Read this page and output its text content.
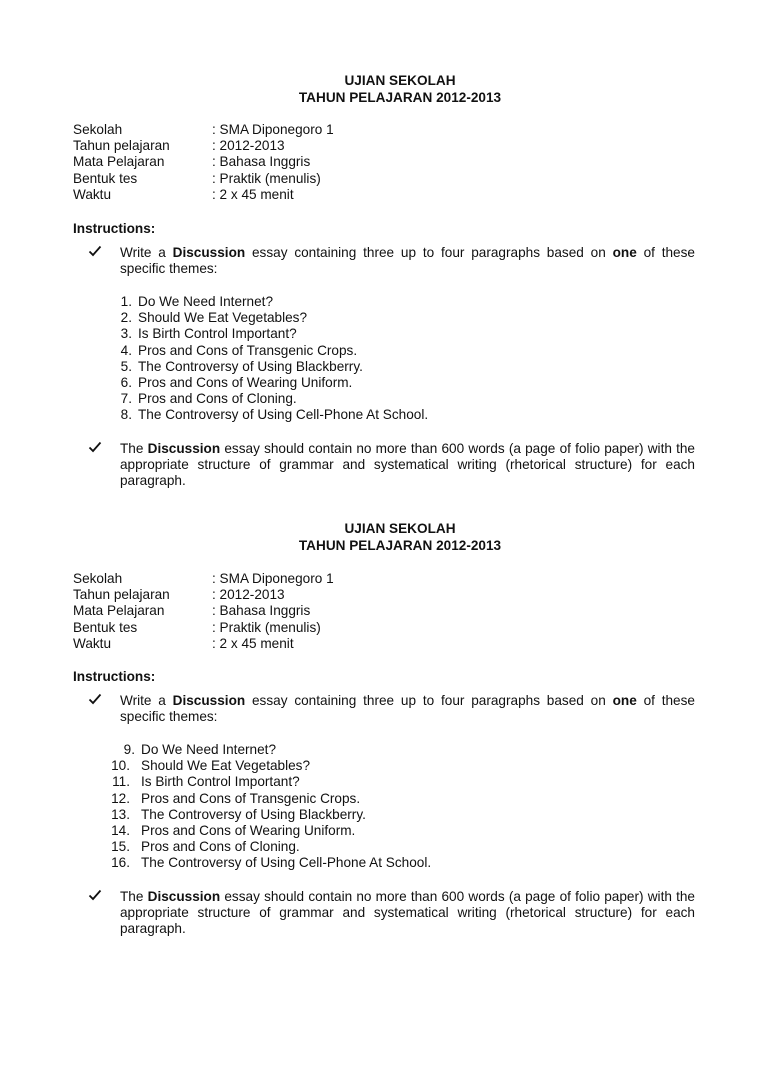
UJIAN SEKOLAH
TAHUN PELAJARAN 2012-2013
Sekolah	: SMA Diponegoro 1
Tahun pelajaran	: 2012-2013
Mata Pelajaran	: Bahasa Inggris
Bentuk tes	: Praktik (menulis)
Waktu	: 2 x 45 menit
Instructions:
Write a Discussion essay containing three up to four paragraphs based on one of these specific themes:
1. Do We Need Internet?
2. Should We Eat Vegetables?
3. Is Birth Control Important?
4. Pros and Cons of Transgenic Crops.
5. The Controversy of Using Blackberry.
6. Pros and Cons of Wearing Uniform.
7. Pros and Cons of Cloning.
8. The Controversy of Using Cell-Phone At School.
The Discussion essay should contain no more than 600 words (a page of folio paper) with the appropriate structure of grammar and systematical writing (rhetorical structure) for each paragraph.
UJIAN SEKOLAH
TAHUN PELAJARAN 2012-2013
Sekolah	: SMA Diponegoro 1
Tahun pelajaran	: 2012-2013
Mata Pelajaran	: Bahasa Inggris
Bentuk tes	: Praktik (menulis)
Waktu	: 2 x 45 menit
Instructions:
Write a Discussion essay containing three up to four paragraphs based on one of these specific themes:
9. Do We Need Internet?
10. Should We Eat Vegetables?
11. Is Birth Control Important?
12. Pros and Cons of Transgenic Crops.
13. The Controversy of Using Blackberry.
14. Pros and Cons of Wearing Uniform.
15. Pros and Cons of Cloning.
16. The Controversy of Using Cell-Phone At School.
The Discussion essay should contain no more than 600 words (a page of folio paper) with the appropriate structure of grammar and systematical writing (rhetorical structure) for each paragraph.
